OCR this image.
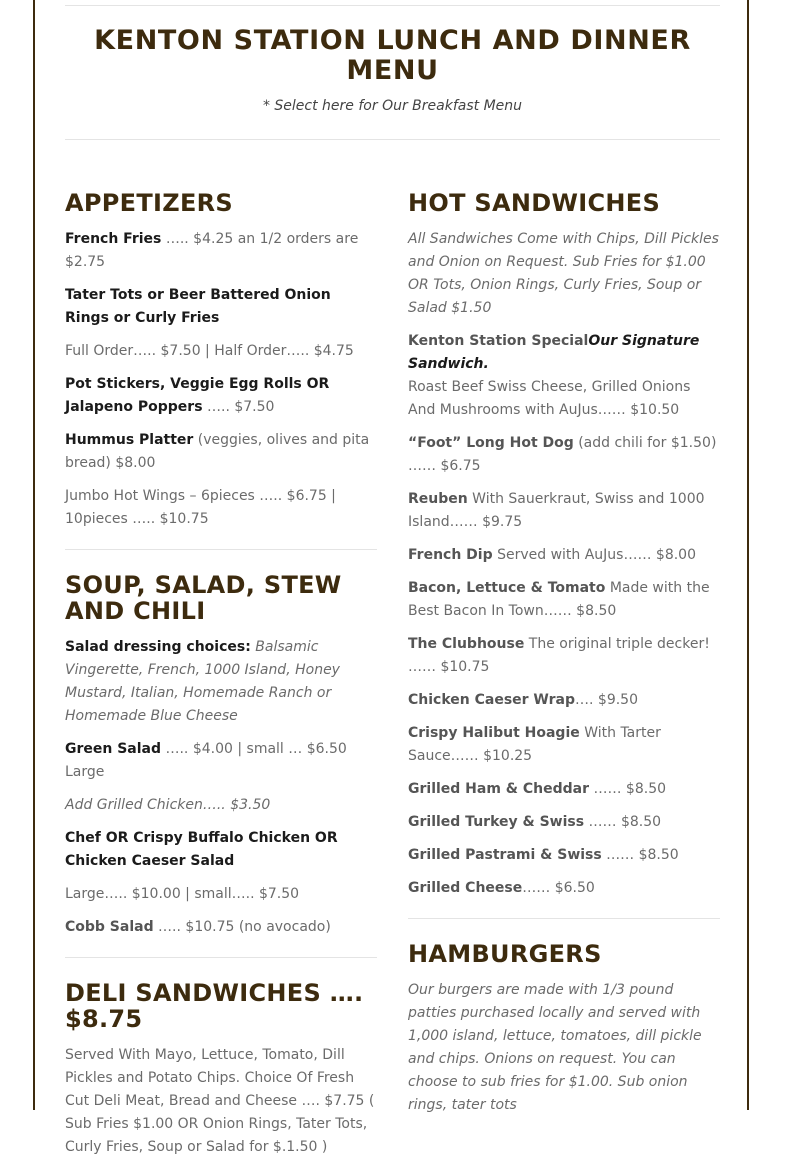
KENTON STATION LUNCH AND DINNER MENU
* Select here for Our Breakfast Menu
APPETIZERS

French Fries ….. $4.25 an 1/2 orders are $2.75

Tater Tots or Beer Battered Onion Rings or Curly Fries

Full Order….. $7.50 | Half Order….. $4.75

Pot Stickers, Veggie Egg Rolls OR Jalapeno Poppers ….. $7.50

Hummus Platter (veggies, olives and pita bread) $8.00

Jumbo Hot Wings – 6pieces ….. $6.75 | 10pieces ….. $10.75

SOUP, SALAD, STEW AND CHILI

Salad dressing choices: Balsamic Vingerette, French, 1000 Island, Honey Mustard, Italian, Homemade Ranch or Homemade Blue Cheese

Green Salad ….. $4.00 | small … $6.50 Large

Add Grilled Chicken….. $3.50

Chef OR Crispy Buffalo Chicken OR Chicken Caeser Salad

Large….. $10.00 | small….. $7.50

Cobb Salad ….. $10.75 (no avocado)

DELI SANDWICHES …. $8.75

Served With Mayo, Lettuce, Tomato, Dill Pickles and Potato Chips. Choice Of Fresh Cut Deli Meat, Bread and Cheese …. $7.75 ( Sub Fries $1.00 OR Onion Rings, Tater Tots, Curly Fries, Soup or Salad for $.1.50 )

HOT SANDWICHES

All Sandwiches Come with Chips, Dill Pickles and Onion on Request. Sub Fries for $1.00 OR Tots, Onion Rings, Curly Fries, Soup or Salad $1.50

Kenton Station SpecialOur Signature Sandwich.

Roast Beef Swiss Cheese, Grilled Onions And Mushrooms with AuJus…… $10.50

“Foot” Long Hot Dog (add chili for $1.50) …… $6.75

Reuben With Sauerkraut, Swiss and 1000 Island…… $9.75

French Dip Served with AuJus…… $8.00

Bacon, Lettuce & Tomato Made with the Best Bacon In Town…… $8.50

The Clubhouse The original triple decker! …… $10.75

Chicken Caeser Wrap…. $9.50

Crispy Halibut Hoagie With Tarter Sauce…… $10.25

Grilled Ham & Cheddar …… $8.50

Grilled Turkey & Swiss …… $8.50

Grilled Pastrami & Swiss …… $8.50

Grilled Cheese…… $6.50

HAMBURGERS

Our burgers are made with 1/3 pound patties purchased locally and served with 1,000 island, lettuce, tomatoes, dill pickle and chips. Onions on request. You can choose to sub fries for $1.00. Sub onion rings, tater tots
